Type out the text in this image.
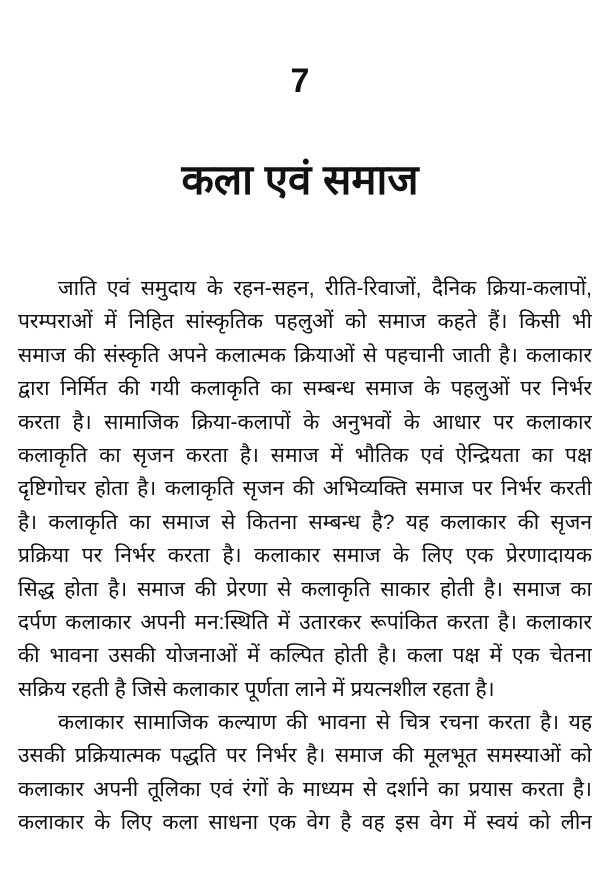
7
कला एवं समाज
जाति एवं समुदाय के रहन-सहन, रीति-रिवाजों, दैनिक क्रिया-कलापों,
परम्पराओं में निहित सांस्कृतिक पहलुओं को समाज कहते हैं। किसी भी
समाज की संस्कृति अपने कलात्मक क्रियाओं से पहचानी जाती है। कलाकार
द्वारा निर्मित की गयी कलाकृति का सम्बन्ध समाज के पहलुओं पर निर्भर
करता है। सामाजिक क्रिया-कलापों के अनुभवों के आधार पर कलाकार
कलाकृति का सृजन करता है। समाज में भौतिक एवं ऐन्द्रियता का पक्ष
दृष्टिगोचर होता है। कलाकृति सृजन की अभिव्यक्ति समाज पर निर्भर करती
है। कलाकृति का समाज से कितना सम्बन्ध है? यह कलाकार की सृजन
प्रक्रिया पर निर्भर करता है। कलाकार समाज के लिए एक प्रेरणादायक
सिद्ध होता है। समाज की प्रेरणा से कलाकृति साकार होती है। समाज का
दर्पण कलाकार अपनी मन:स्थिति में उतारकर रूपांकित करता है। कलाकार
की भावना उसकी योजनाओं में कल्पित होती है। कला पक्ष में एक चेतना
सक्रिय रहती है जिसे कलाकार पूर्णता लाने में प्रयत्नशील रहता है।
कलाकार सामाजिक कल्याण की भावना से चित्र रचना करता है। यह
उसकी प्रक्रियात्मक पद्धति पर निर्भर है। समाज की मूलभूत समस्याओं को
कलाकार अपनी तूलिका एवं रंगों के माध्यम से दर्शाने का प्रयास करता है।
कलाकार के लिए कला साधना एक वेग है वह इस वेग में स्वयं को लीन
